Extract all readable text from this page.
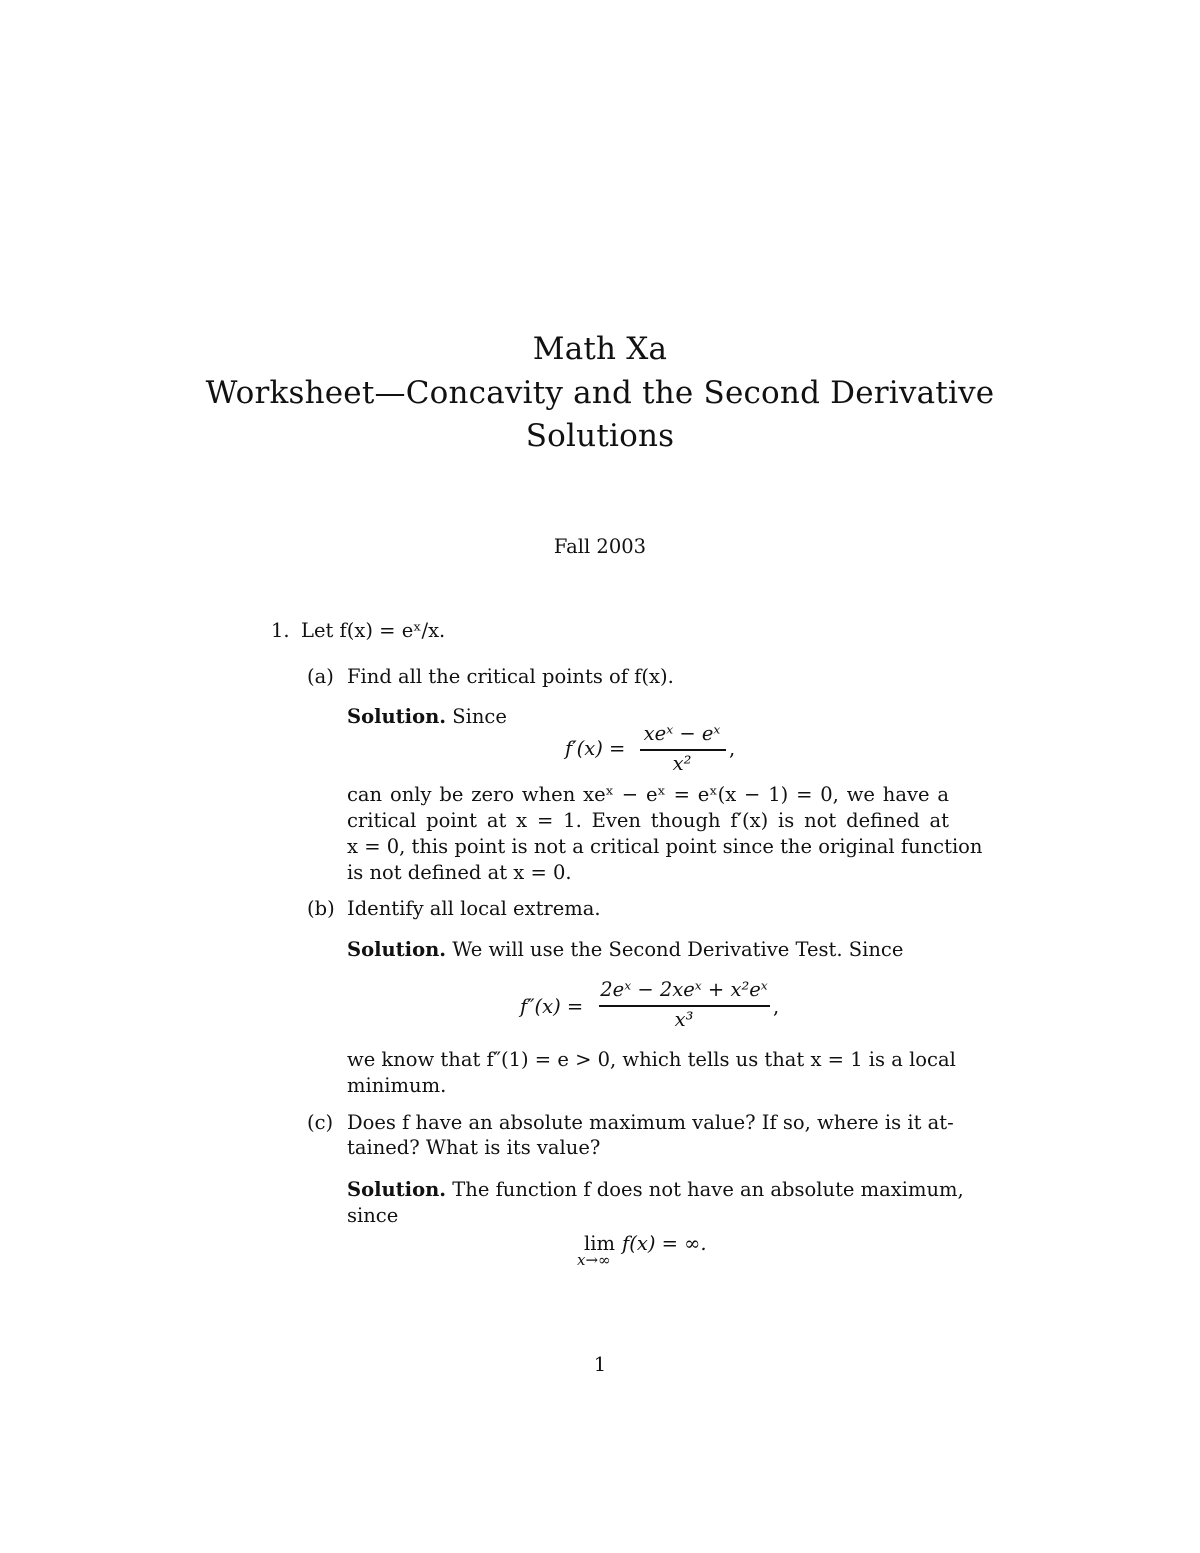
Math Xa
Worksheet—Concavity and the Second Derivative
Solutions
Fall 2003
1. Let f(x) = eˣ/x.
(a) Find all the critical points of f(x).
Solution. Since
f′(x) =
xeˣ − eˣ
x²
,
can only be zero when xeˣ − eˣ = eˣ(x − 1) = 0, we have a
critical point at x = 1. Even though f′(x) is not defined at
x = 0, this point is not a critical point since the original function
is not defined at x = 0.
(b) Identify all local extrema.
Solution. We will use the Second Derivative Test. Since
f″(x) =
2eˣ − 2xeˣ + x²eˣ
x³
,
we know that f″(1) = e > 0, which tells us that x = 1 is a local
minimum.
(c) Does f have an absolute maximum value? If so, where is it at-
tained? What is its value?
Solution. The function f does not have an absolute maximum,
since
lim
x→∞
f(x) = ∞.
1
